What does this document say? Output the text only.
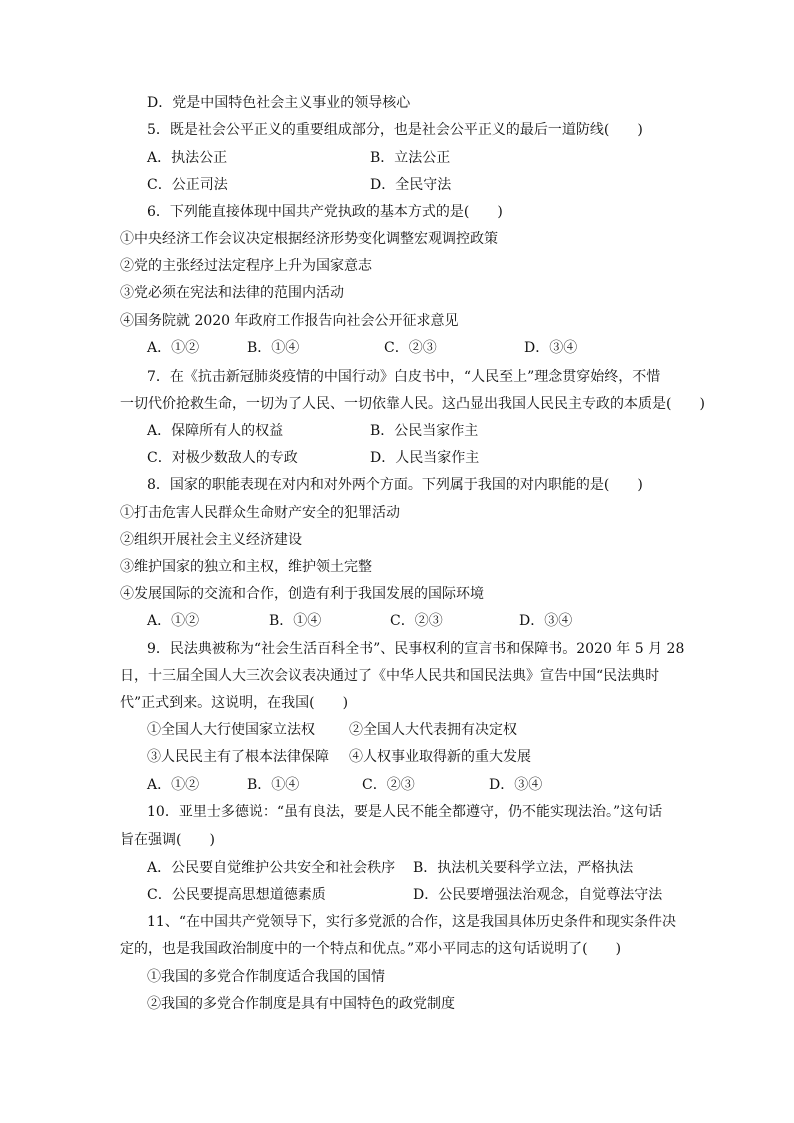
D．党是中国特色社会主义事业的领导核心
5．既是社会公平正义的重要组成部分，也是社会公平正义的最后一道防线(　　)
A．执法公正	B．立法公正
C．公正司法	D．全民守法
6．下列能直接体现中国共产党执政的基本方式的是(　　)
①中央经济工作会议决定根据经济形势变化调整宏观调控政策
②党的主张经过法定程序上升为国家意志
③党必须在宪法和法律的范围内活动
④国务院就 2020 年政府工作报告向社会公开征求意见
A．①②	B．①④	C．②③	D．③④
7．在《抗击新冠肺炎疫情的中国行动》白皮书中，“人民至上”理念贯穿始终，不惜
一切代价抢救生命，一切为了人民、一切依靠人民。这凸显出我国人民民主专政的本质是(　　)
A．保障所有人的权益	B．公民当家作主
C．对极少数敌人的专政	D．人民当家作主
8．国家的职能表现在对内和对外两个方面。下列属于我国的对内职能的是(　　)
①打击危害人民群众生命财产安全的犯罪活动
②组织开展社会主义经济建设
③维护国家的独立和主权，维护领土完整
④发展国际的交流和合作，创造有利于我国发展的国际环境
A．①②	B．①④	C．②③	D．③④
9．民法典被称为“社会生活百科全书”、民事权利的宣言书和保障书。2020 年 5 月 28
日，十三届全国人大三次会议表决通过了《中华人民共和国民法典》宣告中国“民法典时
代”正式到来。这说明，在我国(　　)
①全国人大行使国家立法权 ②全国人大代表拥有决定权
③人民民主有了根本法律保障 ④人权事业取得新的重大发展
A．①②	B．①④	C．②③	D．③④
10．亚里士多德说：“虽有良法，要是人民不能全都遵守，仍不能实现法治。”这句话
旨在强调(　　)
A．公民要自觉维护公共安全和社会秩序 B．执法机关要科学立法，严格执法
C．公民要提高思想道德素质	D．公民要增强法治观念，自觉尊法守法
11、“在中国共产党领导下，实行多党派的合作，这是我国具体历史条件和现实条件决
定的，也是我国政治制度中的一个特点和优点。”邓小平同志的这句话说明了(　　)
①我国的多党合作制度适合我国的国情
②我国的多党合作制度是具有中国特色的政党制度
